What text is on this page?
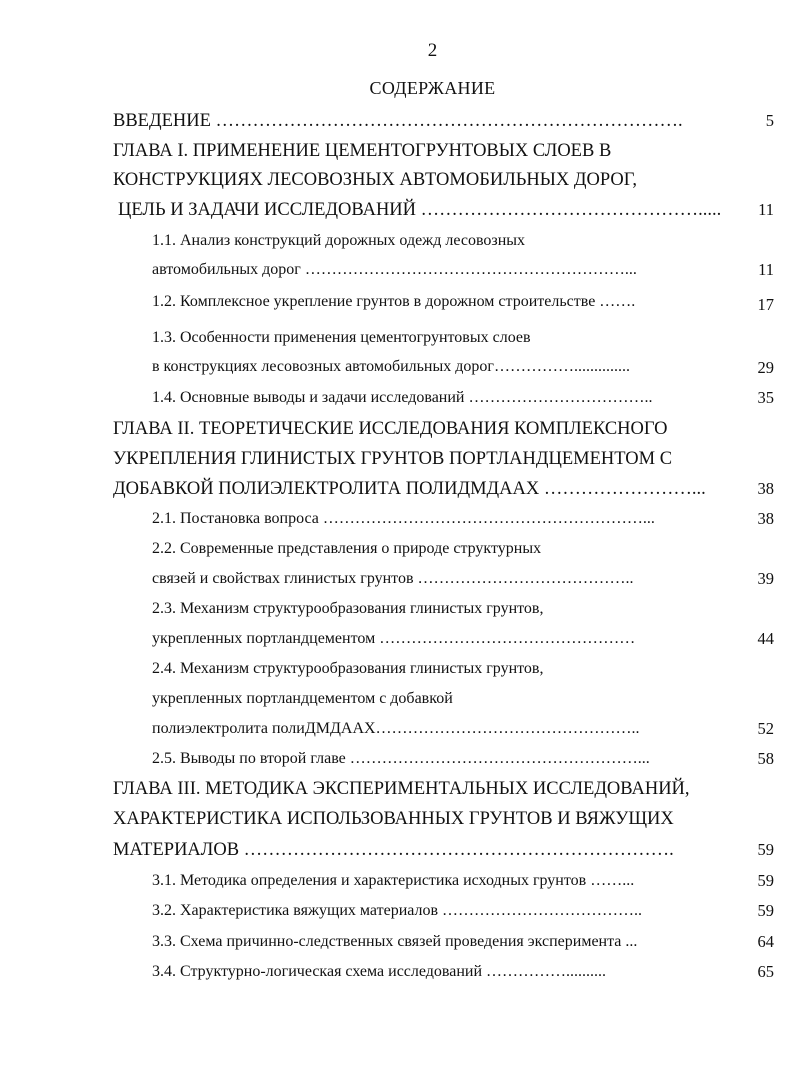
2
СОДЕРЖАНИЕ
ВВЕДЕНИЕ ………………………………………………………………….	5
ГЛАВА I. ПРИМЕНЕНИЕ ЦЕМЕНТОГРУНТОВЫХ СЛОЕВ В
КОНСТРУКЦИЯХ ЛЕСОВОЗНЫХ АВТОМОБИЛЬНЫХ ДОРОГ,
ЦЕЛЬ И ЗАДАЧИ ИССЛЕДОВАНИЙ ……………………………………….....	11
1.1. Анализ конструкций дорожных одежд лесовозных
автомобильных дорог ……………………………………………………...	11
1.2. Комплексное укрепление грунтов в дорожном строительстве …….	17
1.3. Особенности применения цементогрунтовых слоев
в конструкциях лесовозных автомобильных дорог……………..............	29
1.4. Основные выводы и задачи исследований ……………………………..	35
ГЛАВА II. ТЕОРЕТИЧЕСКИЕ ИССЛЕДОВАНИЯ КОМПЛЕКСНОГО
УКРЕПЛЕНИЯ ГЛИНИСТЫХ ГРУНТОВ ПОРТЛАНДЦЕМЕНТОМ С
ДОБАВКОЙ ПОЛИЭЛЕКТРОЛИТА ПОЛИДМДААХ ……………………...	38
2.1. Постановка вопроса ……………………………………………………...	38
2.2. Современные представления о природе структурных
связей и свойствах глинистых грунтов …………………………………..	39
2.3. Механизм структурообразования глинистых грунтов,
укрепленных портландцементом …………………………………………	44
2.4. Механизм структурообразования глинистых грунтов,
укрепленных портландцементом с добавкой
полиэлектролита полиДМДААХ…………………………………………..	52
2.5. Выводы по второй главе ………………………………………………...	58
ГЛАВА III. МЕТОДИКА ЭКСПЕРИМЕНТАЛЬНЫХ ИССЛЕДОВАНИЙ,
ХАРАКТЕРИСТИКА ИСПОЛЬЗОВАННЫХ ГРУНТОВ И ВЯЖУЩИХ
МАТЕРИАЛОВ …………………………………………………………….	59
3.1. Методика определения и характеристика исходных грунтов ……...	59
3.2. Характеристика вяжущих материалов ………………………………..	59
3.3. Схема причинно-следственных связей проведения эксперимента ...	64
3.4. Структурно-логическая схема исследований ……………..........	65
